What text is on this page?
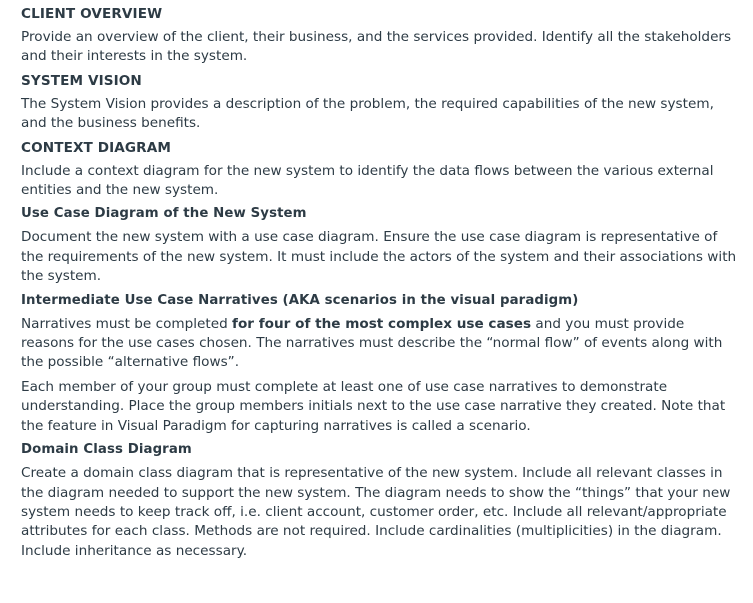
CLIENT OVERVIEW

Provide an overview of the client, their business, and the services provided. Identify all the stakeholders and their interests in the system.

SYSTEM VISION

The System Vision provides a description of the problem, the required capabilities of the new system, and the business benefits.

CONTEXT DIAGRAM

Include a context diagram for the new system to identify the data flows between the various external entities and the new system.

Use Case Diagram of the New System

Document the new system with a use case diagram. Ensure the use case diagram is representative of the requirements of the new system. It must include the actors of the system and their associations with the system.

Intermediate Use Case Narratives (AKA scenarios in the visual paradigm)

Narratives must be completed for four of the most complex use cases and you must provide reasons for the use cases chosen. The narratives must describe the “normal flow” of events along with the possible “alternative flows”.

Each member of your group must complete at least one of use case narratives to demonstrate understanding. Place the group members initials next to the use case narrative they created. Note that the feature in Visual Paradigm for capturing narratives is called a scenario.

Domain Class Diagram

Create a domain class diagram that is representative of the new system. Include all relevant classes in the diagram needed to support the new system. The diagram needs to show the “things” that your new system needs to keep track off, i.e. client account, customer order, etc. Include all relevant/appropriate attributes for each class. Methods are not required. Include cardinalities (multiplicities) in the diagram. Include inheritance as necessary.
